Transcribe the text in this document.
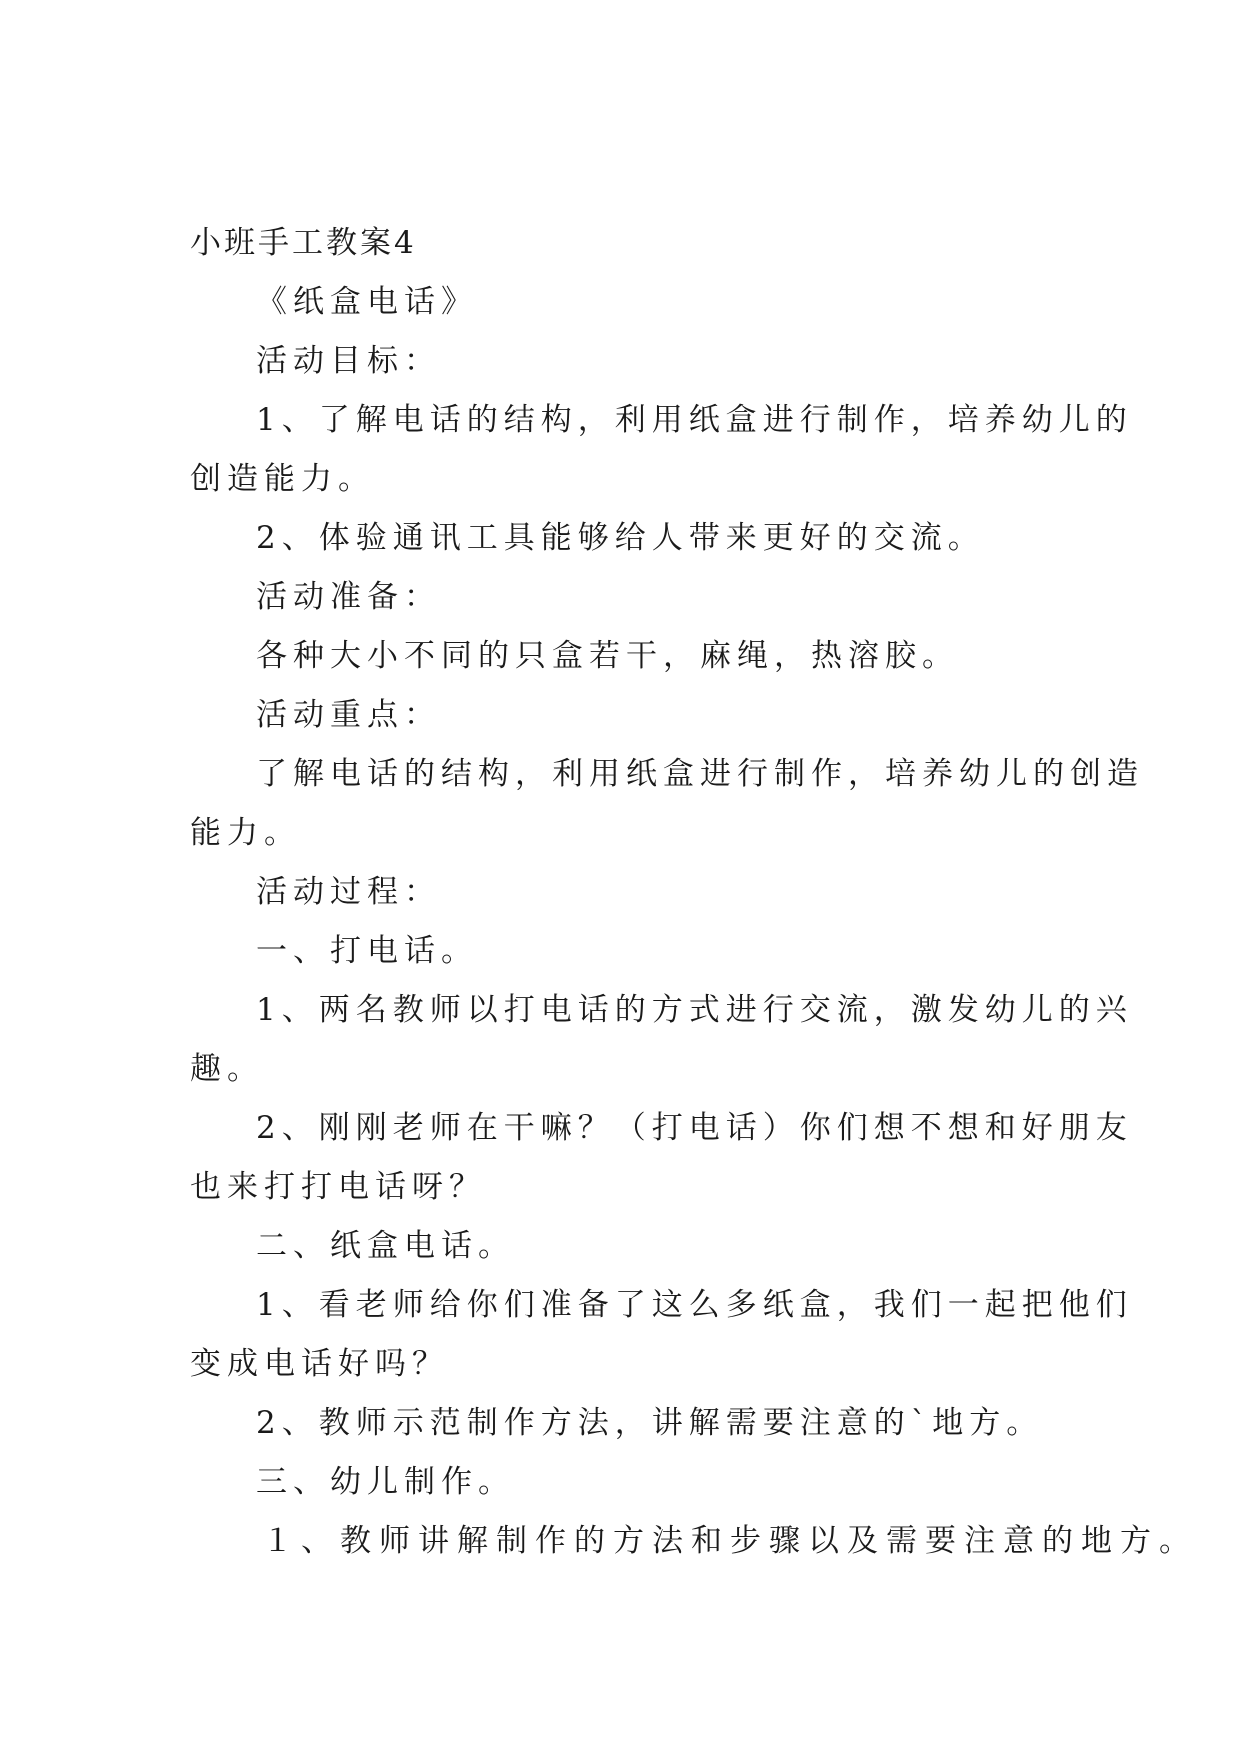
小班手工教案4

《纸盒电话》

活动目标：

1、了解电话的结构，利用纸盒进行制作，培养幼儿的

创造能力。

2、体验通讯工具能够给人带来更好的交流。

活动准备：

各种大小不同的只盒若干，麻绳，热溶胶。

活动重点：

了解电话的结构，利用纸盒进行制作，培养幼儿的创造

能力。

活动过程：

一、打电话。

1、两名教师以打电话的方式进行交流，激发幼儿的兴

趣。

2、刚刚老师在干嘛？（打电话）你们想不想和好朋友

也来打打电话呀？

二、纸盒电话。

1、看老师给你们准备了这么多纸盒，我们一起把他们

变成电话好吗？

2、教师示范制作方法，讲解需要注意的`地方。

三、幼儿制作。

１、教师讲解制作的方法和步骤以及需要注意的地方。
